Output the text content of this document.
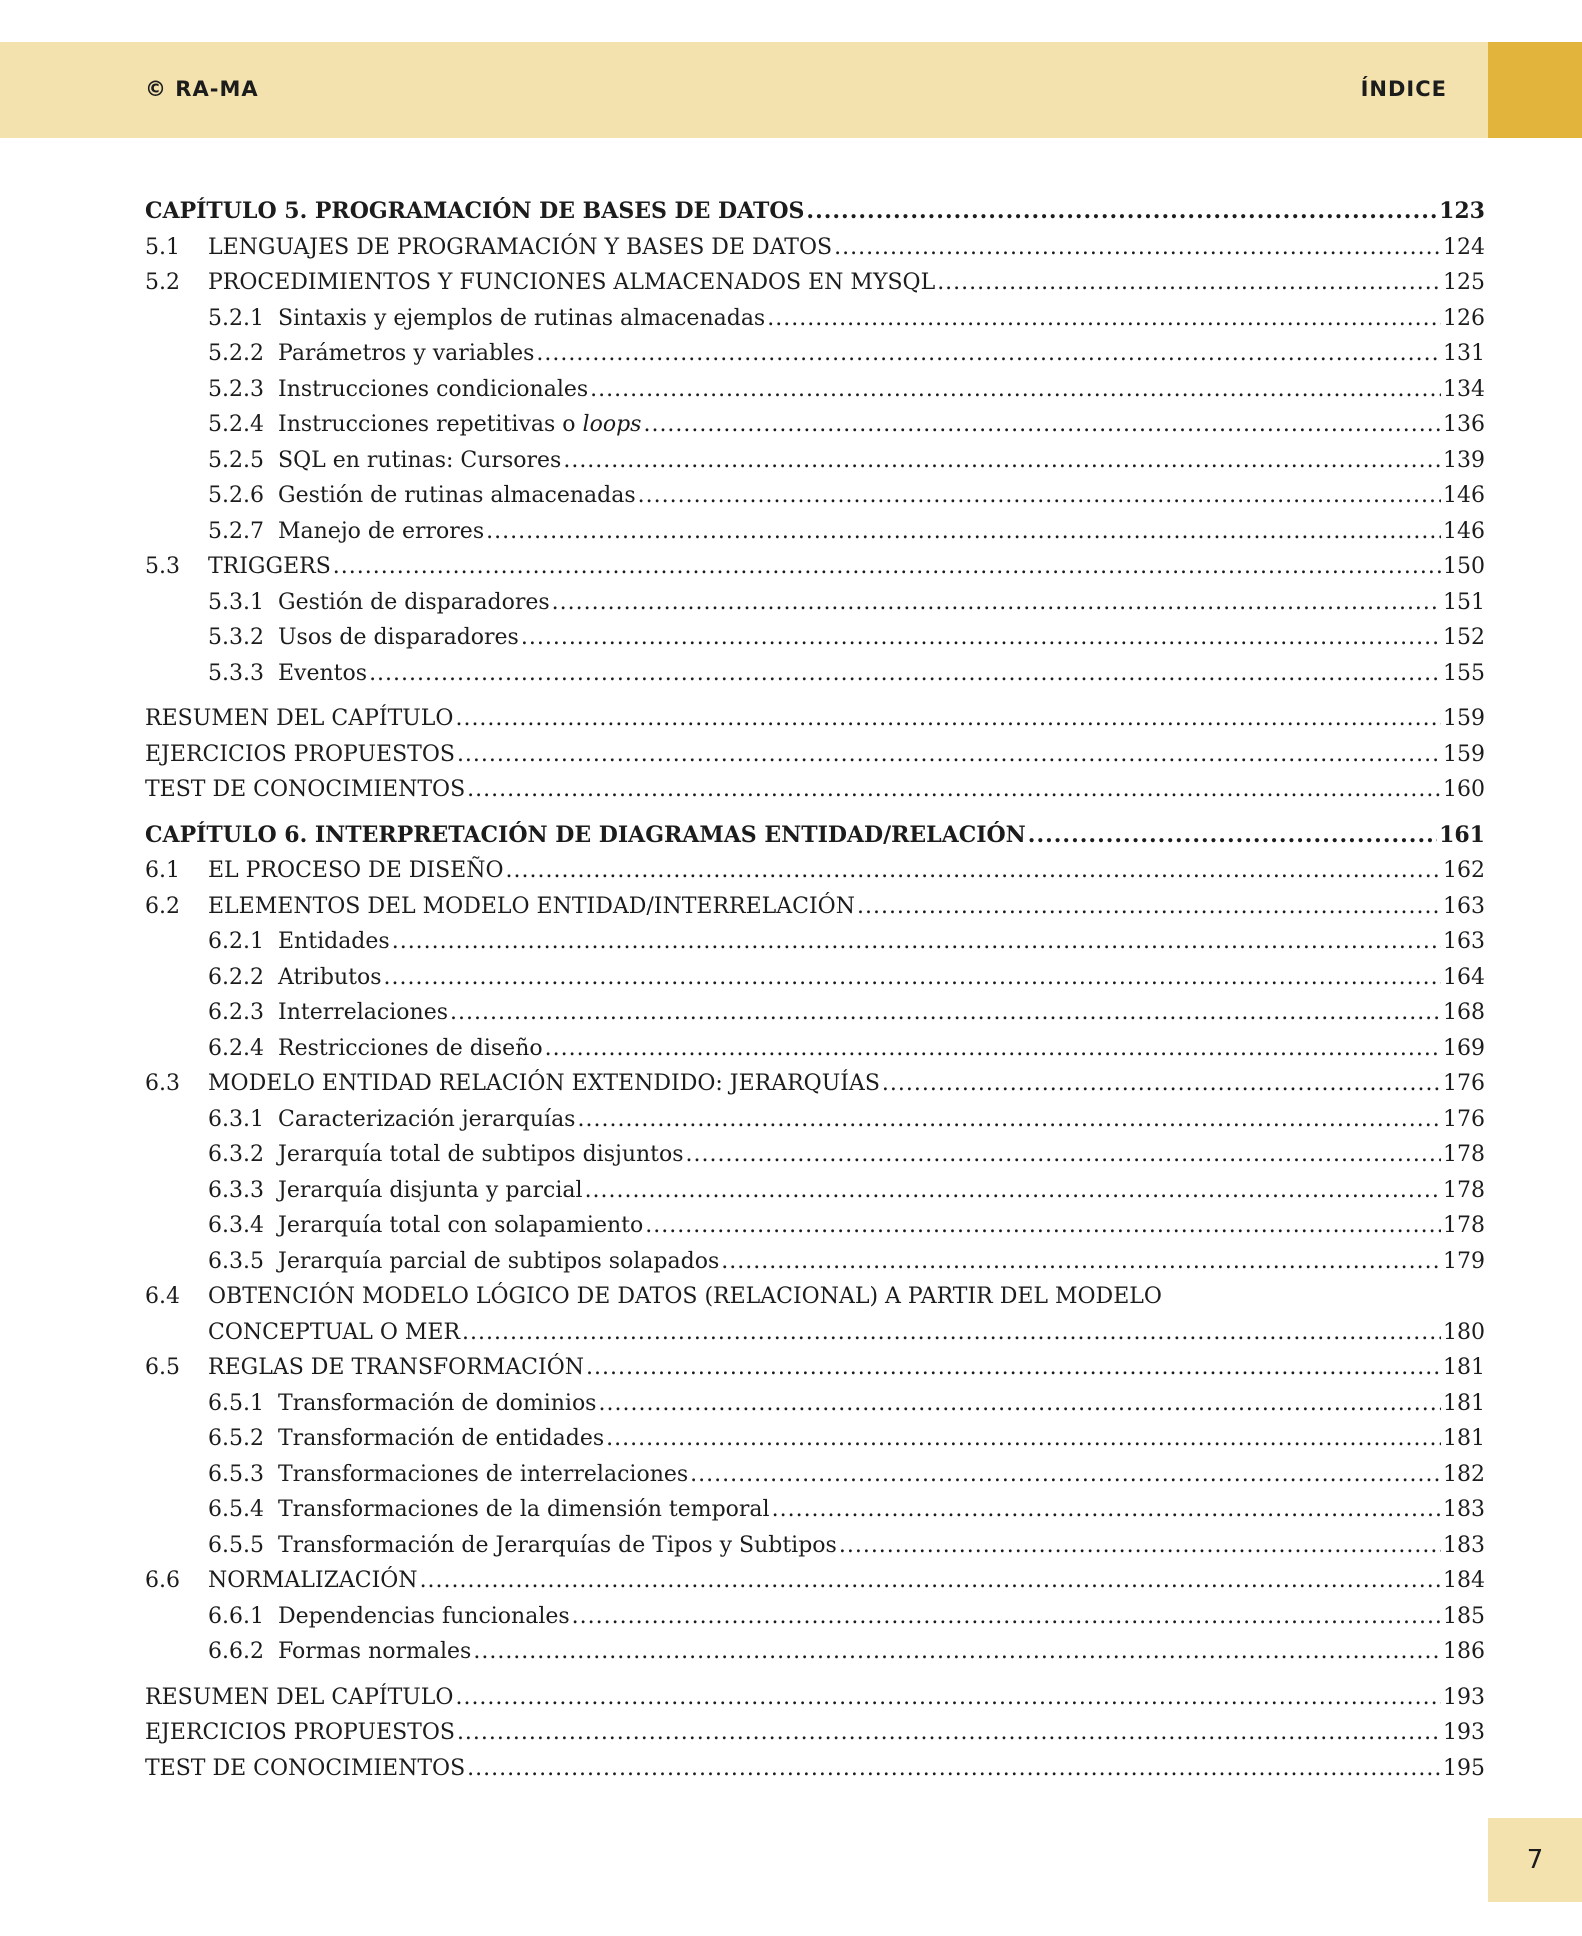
© RA-MA	ÍNDICE
CAPÍTULO 5. PROGRAMACIÓN DE BASES DE DATOS .....	123
5.1	LENGUAJES DE PROGRAMACIÓN Y BASES DE DATOS .....	124
5.2	PROCEDIMIENTOS Y FUNCIONES ALMACENADOS EN MYSQL .....	125
5.2.1 Sintaxis y ejemplos de rutinas almacenadas .....	126
5.2.2 Parámetros y variables .....	131
5.2.3 Instrucciones condicionales .....	134
5.2.4 Instrucciones repetitivas o loops .....	136
5.2.5 SQL en rutinas: Cursores .....	139
5.2.6 Gestión de rutinas almacenadas .....	146
5.2.7 Manejo de errores .....	146
5.3	TRIGGERS .....	150
5.3.1 Gestión de disparadores .....	151
5.3.2 Usos de disparadores .....	152
5.3.3 Eventos .....	155
RESUMEN DEL CAPÍTULO .....	159
EJERCICIOS PROPUESTOS .....	159
TEST DE CONOCIMIENTOS .....	160
CAPÍTULO 6. INTERPRETACIÓN DE DIAGRAMAS ENTIDAD/RELACIÓN .....	161
6.1	EL PROCESO DE DISEÑO .....	162
6.2	ELEMENTOS DEL MODELO ENTIDAD/INTERRELACIÓN .....	163
6.2.1 Entidades .....	163
6.2.2 Atributos .....	164
6.2.3 Interrelaciones .....	168
6.2.4 Restricciones de diseño .....	169
6.3	MODELO ENTIDAD RELACIÓN EXTENDIDO: JERARQUÍAS .....	176
6.3.1 Caracterización jerarquías .....	176
6.3.2 Jerarquía total de subtipos disjuntos .....	178
6.3.3 Jerarquía disjunta y parcial .....	178
6.3.4 Jerarquía total con solapamiento .....	178
6.3.5 Jerarquía parcial de subtipos solapados .....	179
6.4	OBTENCIÓN MODELO LÓGICO DE DATOS (RELACIONAL) A PARTIR DEL MODELO
CONCEPTUAL O MER .....	180
6.5	REGLAS DE TRANSFORMACIÓN .....	181
6.5.1 Transformación de dominios .....	181
6.5.2 Transformación de entidades .....	181
6.5.3 Transformaciones de interrelaciones .....	182
6.5.4 Transformaciones de la dimensión temporal .....	183
6.5.5 Transformación de Jerarquías de Tipos y Subtipos .....	183
6.6	NORMALIZACIÓN .....	184
6.6.1 Dependencias funcionales .....	185
6.6.2 Formas normales .....	186
RESUMEN DEL CAPÍTULO .....	193
EJERCICIOS PROPUESTOS .....	193
TEST DE CONOCIMIENTOS .....	195
7
